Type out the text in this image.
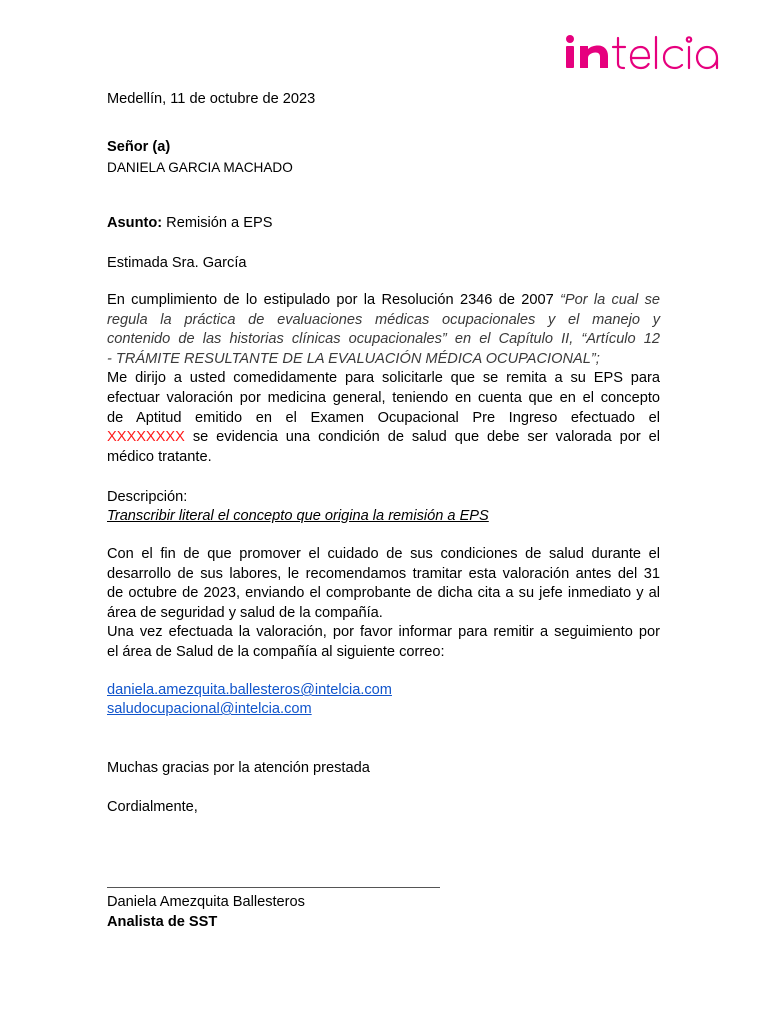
Medellín, 11 de octubre de 2023
Señor (a)
DANIELA GARCIA MACHADO
Asunto: Remisión a EPS
Estimada Sra. García
En cumplimiento de lo estipulado por la Resolución 2346 de 2007 “Por la cual se
regula la práctica de evaluaciones médicas ocupacionales y el manejo y
contenido de las historias clínicas ocupacionales” en el Capítulo II, “Artículo 12
- TRÁMITE RESULTANTE DE LA EVALUACIÓN MÉDICA OCUPACIONAL”;
Me dirijo a usted comedidamente para solicitarle que se remita a su EPS para
efectuar valoración por medicina general, teniendo en cuenta que en el concepto
de Aptitud emitido en el Examen Ocupacional Pre Ingreso efectuado el
XXXXXXXX se evidencia una condición de salud que debe ser valorada por el
médico tratante.
Descripción:
Transcribir literal el concepto que origina la remisión a EPS
Con el fin de que promover el cuidado de sus condiciones de salud durante el
desarrollo de sus labores, le recomendamos tramitar esta valoración antes del 31
de octubre de 2023, enviando el comprobante de dicha cita a su jefe inmediato y al
área de seguridad y salud de la compañía.
Una vez efectuada la valoración, por favor informar para remitir a seguimiento por
el área de Salud de la compañía al siguiente correo:
daniela.amezquita.ballesteros@intelcia.com
saludocupacional@intelcia.com
Muchas gracias por la atención prestada
Cordialmente,
Daniela Amezquita Ballesteros
Analista de SST
